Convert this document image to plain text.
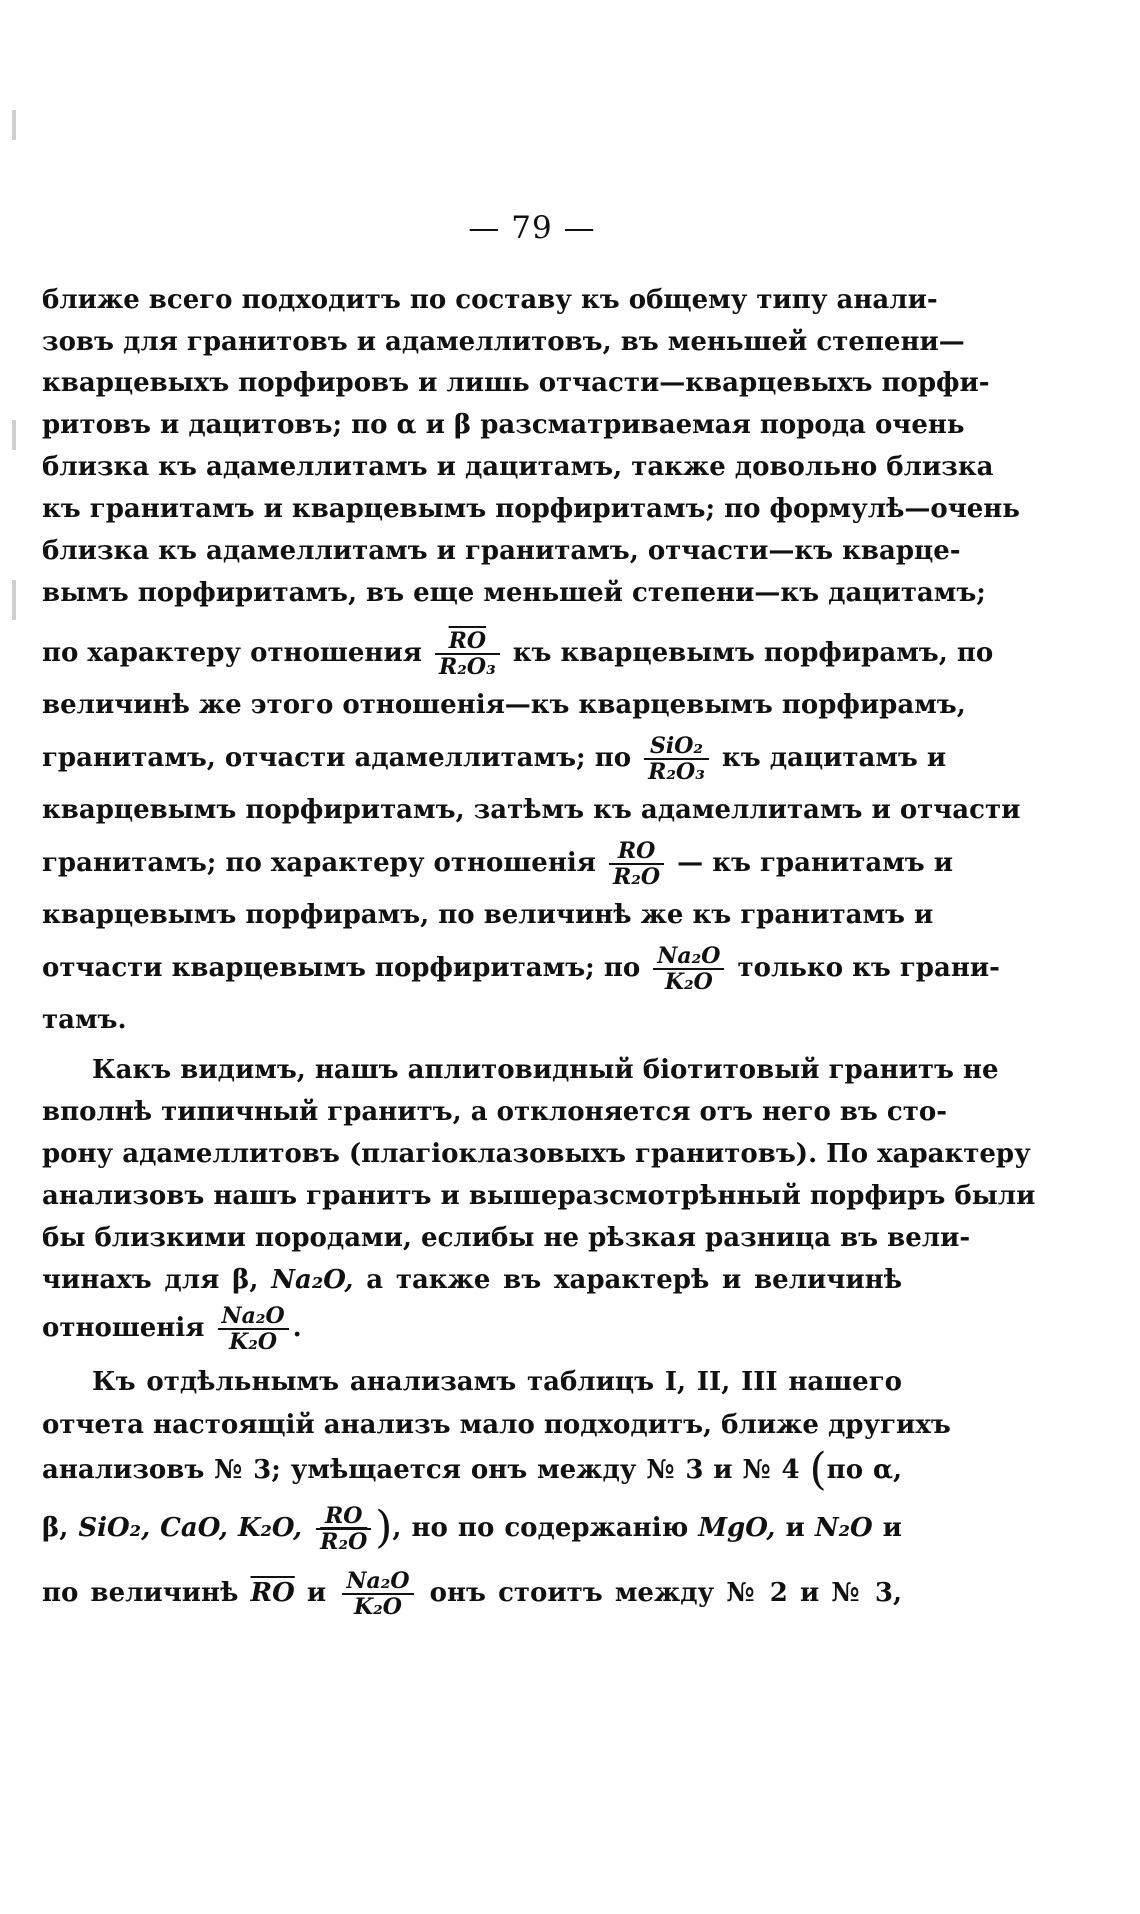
— 79 —
ближе всего подходитъ по составу къ общему типу анали-
зовъ для гранитовъ и адамеллитовъ, въ меньшей степени—
кварцевыхъ порфировъ и лишь отчасти—кварцевыхъ порфи-
ритовъ и дацитовъ; по α и β разсматриваемая порода очень
близка къ адамеллитамъ и дацитамъ, также довольно близка
къ гранитамъ и кварцевымъ порфиритамъ; по формулѣ—очень
близка къ адамеллитамъ и гранитамъ, отчасти—къ кварце-
вымъ порфиритамъ, въ еще меньшей степени—къ дацитамъ;
по характеру отношения $\frac{\overline{RO}}{\text{R₂O₃}}$ къ кварцевымъ порфирамъ, по
величинѣ же этого отношенія—къ кварцевымъ порфирамъ,
гранитамъ, отчасти адамеллитамъ; по $\frac{\text{SiO₂}}{\text{R₂O₃}}$ къ дацитамъ и
кварцевымъ порфиритамъ, затѣмъ къ адамеллитамъ и отчасти
гранитамъ; по характеру отношенія $\frac{RO}{\text{R₂O}}$ — къ гранитамъ и
кварцевымъ порфирамъ, по величинѣ же къ гранитамъ и
отчасти кварцевымъ порфиритамъ; по $\frac{\text{Na₂O}}{\text{K₂O}}$ только къ грани-
тамъ.
Какъ видимъ, нашъ аплитовидный біотитовый гранитъ не
вполнѣ типичный гранитъ, а отклоняется отъ него въ сто-
рону адамеллитовъ (плагіоклазовыхъ гранитовъ). По характеру
анализовъ нашъ гранитъ и вышеразсмотрѣнный порфиръ были
бы близкими породами, еслибы не рѣзкая разница въ вели-
чинахъ для β, Na₂O, а также въ характерѣ и величинѣ
отношенія $\frac{\text{Na₂O}}{\text{K₂O}}$ .
Къ отдѣльнымъ анализамъ таблицъ I, II, III нашего
отчета настоящій анализъ мало подходитъ, ближе другихъ
анализовъ № 3; умѣщается онъ между № 3 и № 4 (по α,
β, SiO₂, CaO, K₂O, $\frac{RO}{\text{R₂O}}$ ), но по содержанію MgO, и N₂O и
по величинѣ $\overline{RO}$ и $\frac{\text{Na₂O}}{\text{K₂O}}$ онъ стоитъ между № 2 и № 3,
